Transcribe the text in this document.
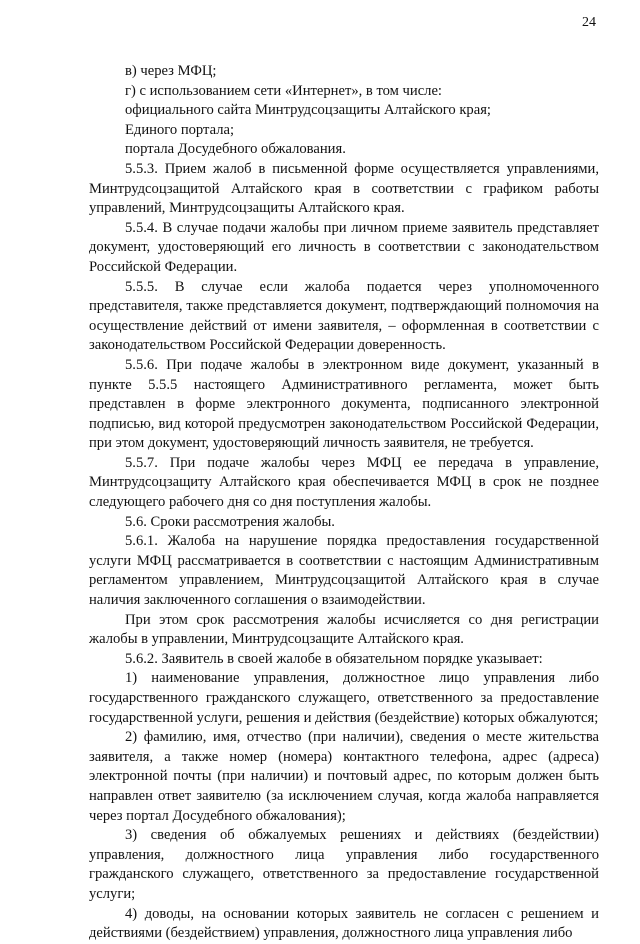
24

в) через МФЦ;

г) с использованием сети «Интернет», в том числе:

официального сайта Минтрудсоцзащиты Алтайского края;

Единого портала;

портала Досудебного обжалования.

5.5.3. Прием жалоб в письменной форме осуществляется управлениями, Минтрудсоцзащитой Алтайского края в соответствии с графиком работы управлений, Минтрудсоцзащиты Алтайского края.

5.5.4. В случае подачи жалобы при личном приеме заявитель представляет документ, удостоверяющий его личность в соответствии с законодательством Российской Федерации.

5.5.5. В случае если жалоба подается через уполномоченного представителя, также представляется документ, подтверждающий полномочия на осуществление действий от имени заявителя, – оформленная в соответствии с законодательством Российской Федерации доверенность.

5.5.6. При подаче жалобы в электронном виде документ, указанный в пункте 5.5.5 настоящего Административного регламента, может быть представлен в форме электронного документа, подписанного электронной подписью, вид которой предусмотрен законодательством Российской Федерации, при этом документ, удостоверяющий личность заявителя, не требуется.

5.5.7. При подаче жалобы через МФЦ ее передача в управление, Минтрудсоцзащиту Алтайского края обеспечивается МФЦ в срок не позднее следующего рабочего дня со дня поступления жалобы.

5.6. Сроки рассмотрения жалобы.

5.6.1. Жалоба на нарушение порядка предоставления государственной услуги МФЦ рассматривается в соответствии с настоящим Административным регламентом управлением, Минтрудсоцзащитой Алтайского края в случае наличия заключенного соглашения о взаимодействии.

При этом срок рассмотрения жалобы исчисляется со дня регистрации жалобы в управлении, Минтрудсоцзащите Алтайского края.

5.6.2. Заявитель в своей жалобе в обязательном порядке указывает:

1) наименование управления, должностное лицо управления либо государственного гражданского служащего, ответственного за предоставление государственной услуги, решения и действия (бездействие) которых обжалуются;

2) фамилию, имя, отчество (при наличии), сведения о месте жительства заявителя, а также номер (номера) контактного телефона, адрес (адреса) электронной почты (при наличии) и почтовый адрес, по которым должен быть направлен ответ заявителю (за исключением случая, когда жалоба направляется через портал Досудебного обжалования);

3) сведения об обжалуемых решениях и действиях (бездействии) управления, должностного лица управления либо государственного гражданского служащего, ответственного за предоставление государственной услуги;

4) доводы, на основании которых заявитель не согласен с решением и действиями (бездействием) управления, должностного лица управления либо
